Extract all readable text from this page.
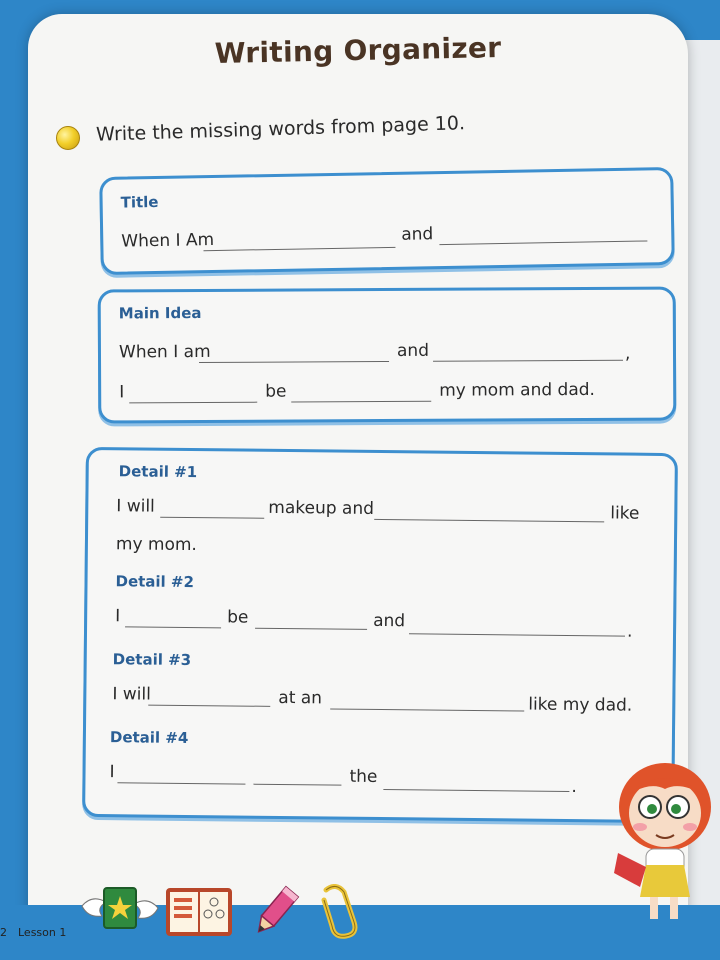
Writing Organizer
Write the missing words from page 10.
Title
When I Am	and
Main Idea
When I am	and	,
I	be	my mom and dad.
Detail #1
I will	makeup and	like
my mom.
Detail #2
I	be	and
.
Detail #3
I will	at an	like my dad.
Detail #4
I	the
.
2 Lesson 1
